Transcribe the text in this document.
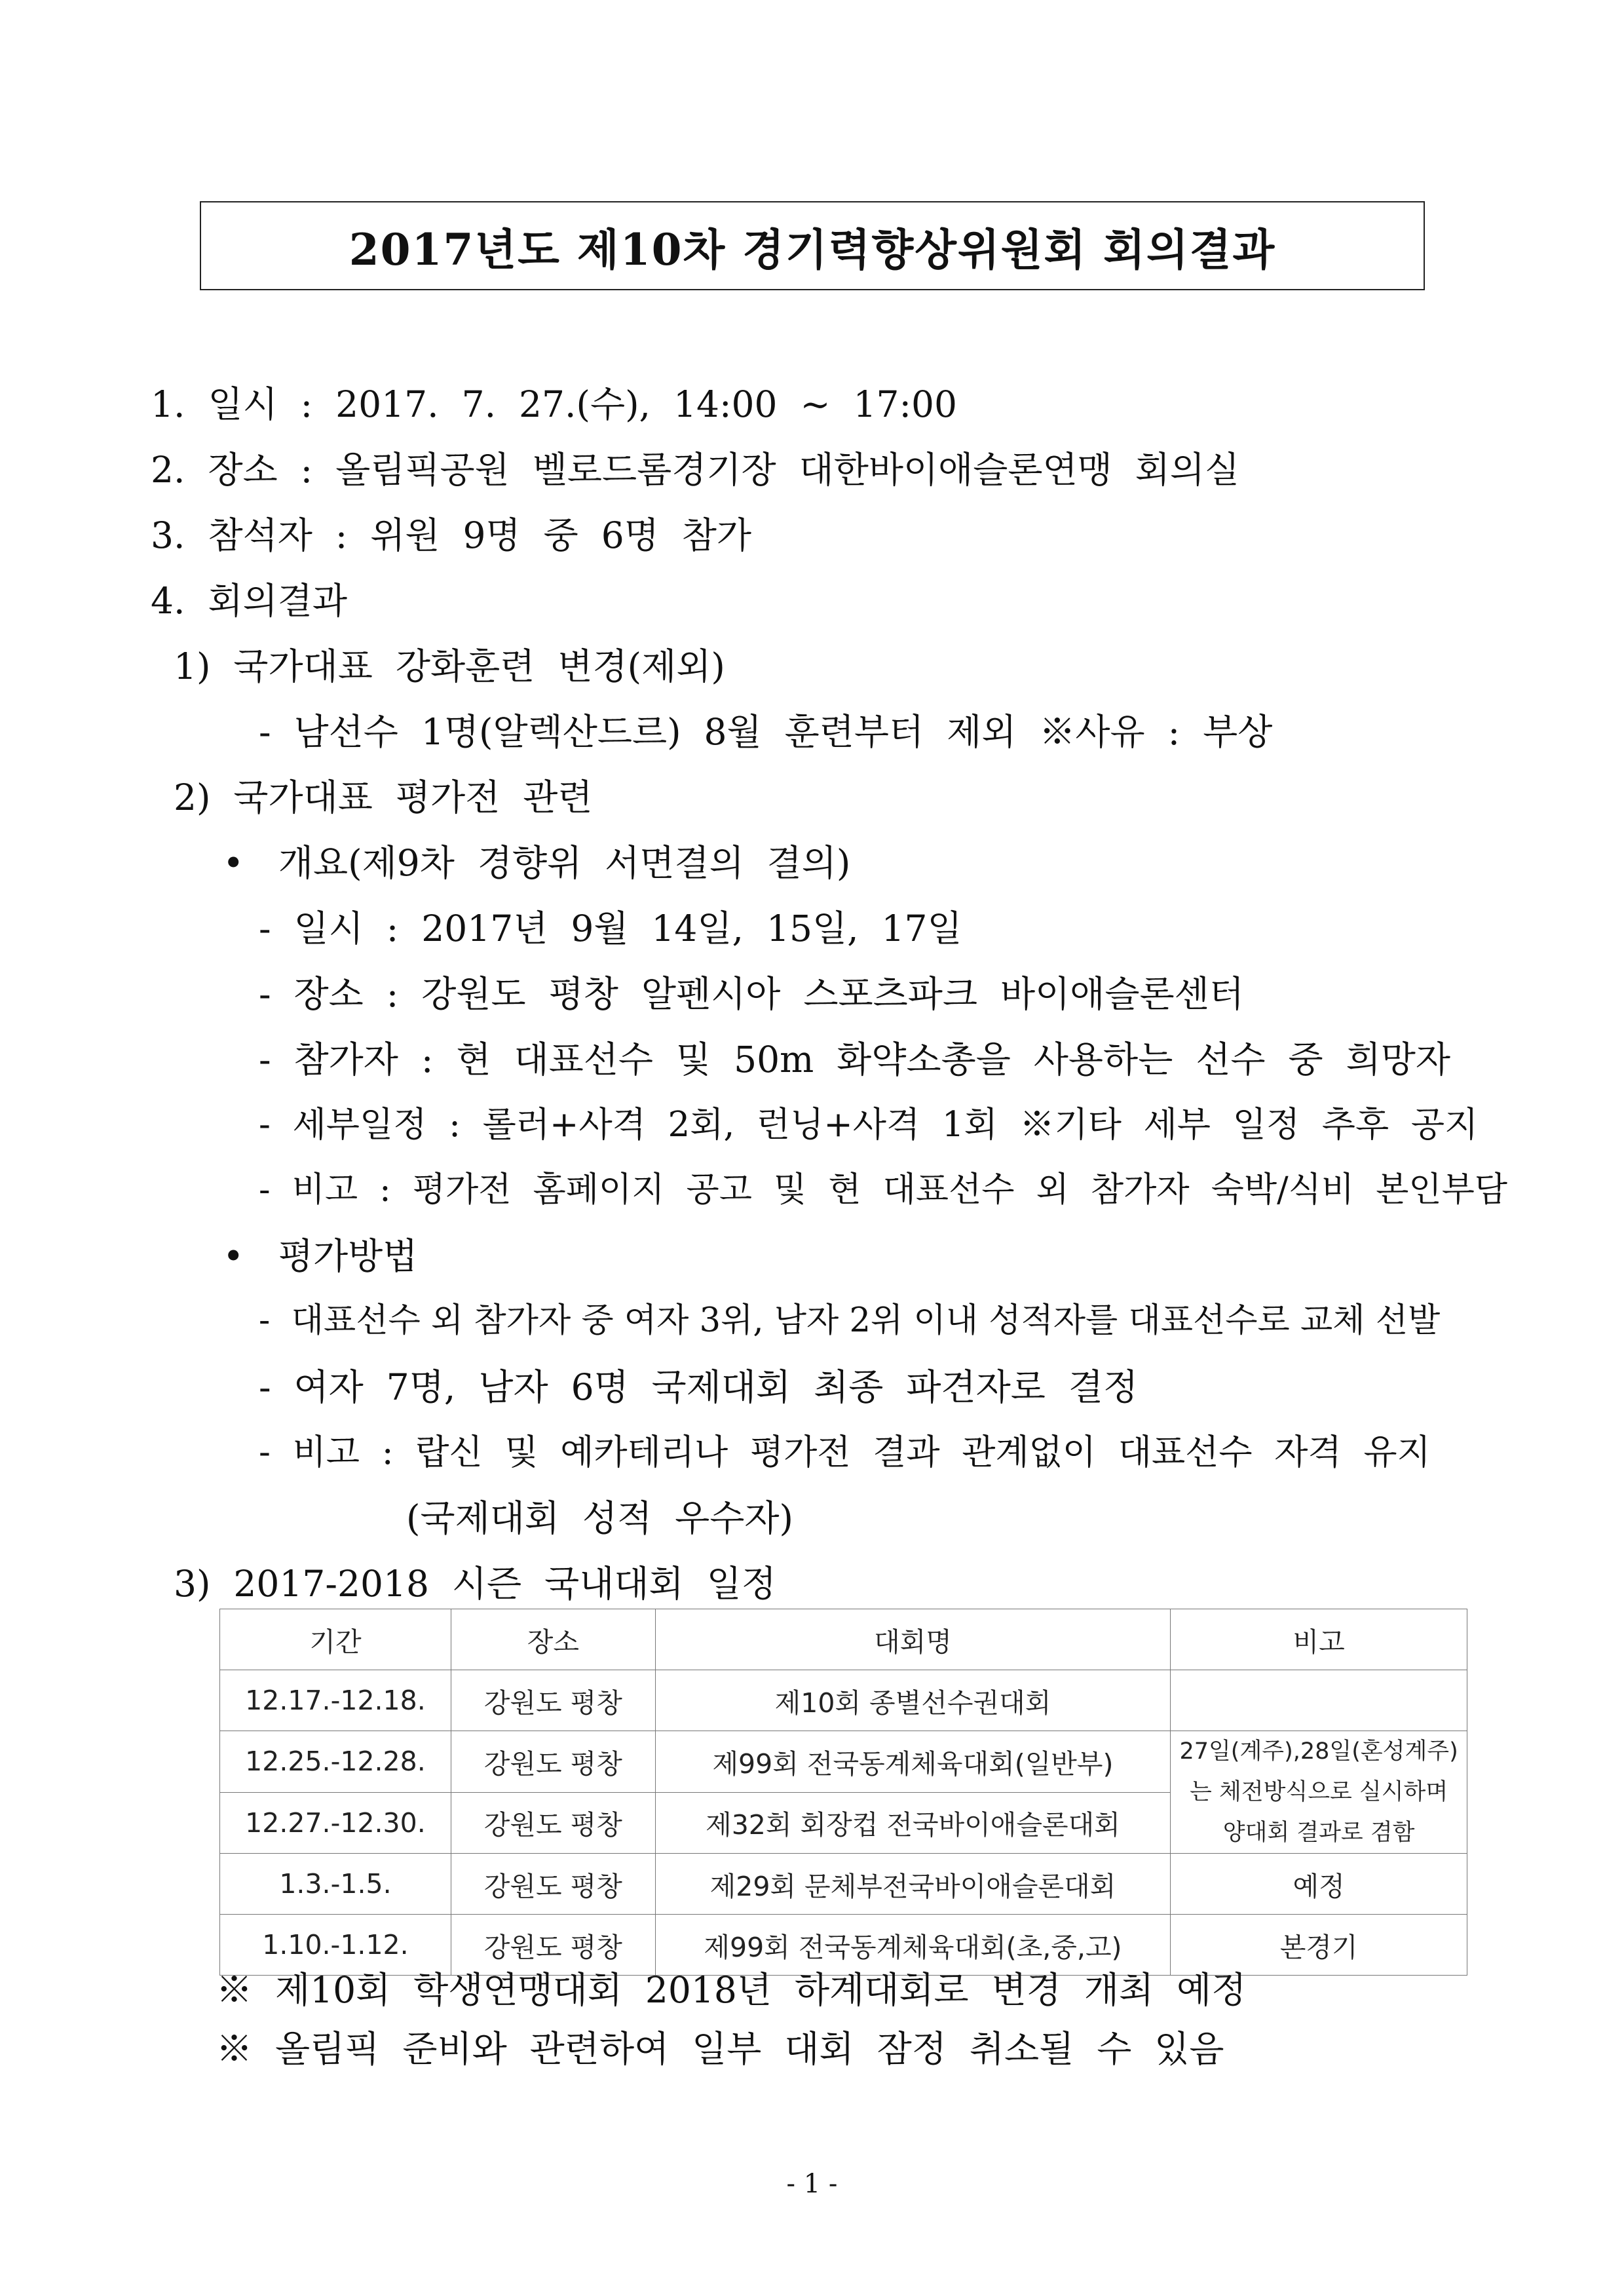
2017년도 제10차 경기력향상위원회 회의결과
1.  일시  :  2017.  7.  27.(수),  14:00  ~  17:00
2.  장소  :  올림픽공원  벨로드롬경기장  대한바이애슬론연맹  회의실
3.  참석자  :  위원  9명  중  6명  참가
4.  회의결과
1)  국가대표  강화훈련  변경(제외)
-  남선수  1명(알렉산드르)  8월  훈련부터  제외  ※사유  :  부상
2)  국가대표  평가전  관련
•   개요(제9차  경향위  서면결의  결의)
-  일시  :  2017년  9월  14일,  15일,  17일
-  장소  :  강원도  평창  알펜시아  스포츠파크  바이애슬론센터
-  참가자  :  현  대표선수  및  50m  화약소총을  사용하는  선수  중  희망자
-  세부일정  :  롤러+사격  2회,  런닝+사격  1회  ※기타  세부  일정  추후  공지
-  비고  :  평가전  홈페이지  공고  및  현  대표선수  외  참가자  숙박/식비  본인부담
•   평가방법
-  대표선수 외 참가자 중 여자 3위, 남자 2위 이내 성적자를 대표선수로 교체 선발
-  여자  7명,  남자  6명  국제대회  최종  파견자로  결정
-  비고  :  랍신  및  예카테리나  평가전  결과  관계없이  대표선수  자격  유지
(국제대회  성적  우수자)
3)  2017-2018  시즌  국내대회  일정
기간	장소	대회명	비고
12.17.-12.18.	강원도 평창	제10회 종별선수권대회	
12.25.-12.28.	강원도 평창	제99회 전국동계체육대회(일반부)	27일(계주),28일(혼성계주)
는 체전방식으로 실시하며
양대회 결과로 겸함

12.27.-12.30.	강원도 평창	제32회 회장컵 전국바이애슬론대회	
1.3.-1.5.	강원도 평창	제29회 문체부전국바이애슬론대회	예정
1.10.-1.12.	강원도 평창	제99회 전국동계체육대회(초,중,고)	본경기
※  제10회  학생연맹대회  2018년  하계대회로  변경  개최  예정
※  올림픽  준비와  관련하여  일부  대회  잠정  취소될  수  있음
- 1 -
